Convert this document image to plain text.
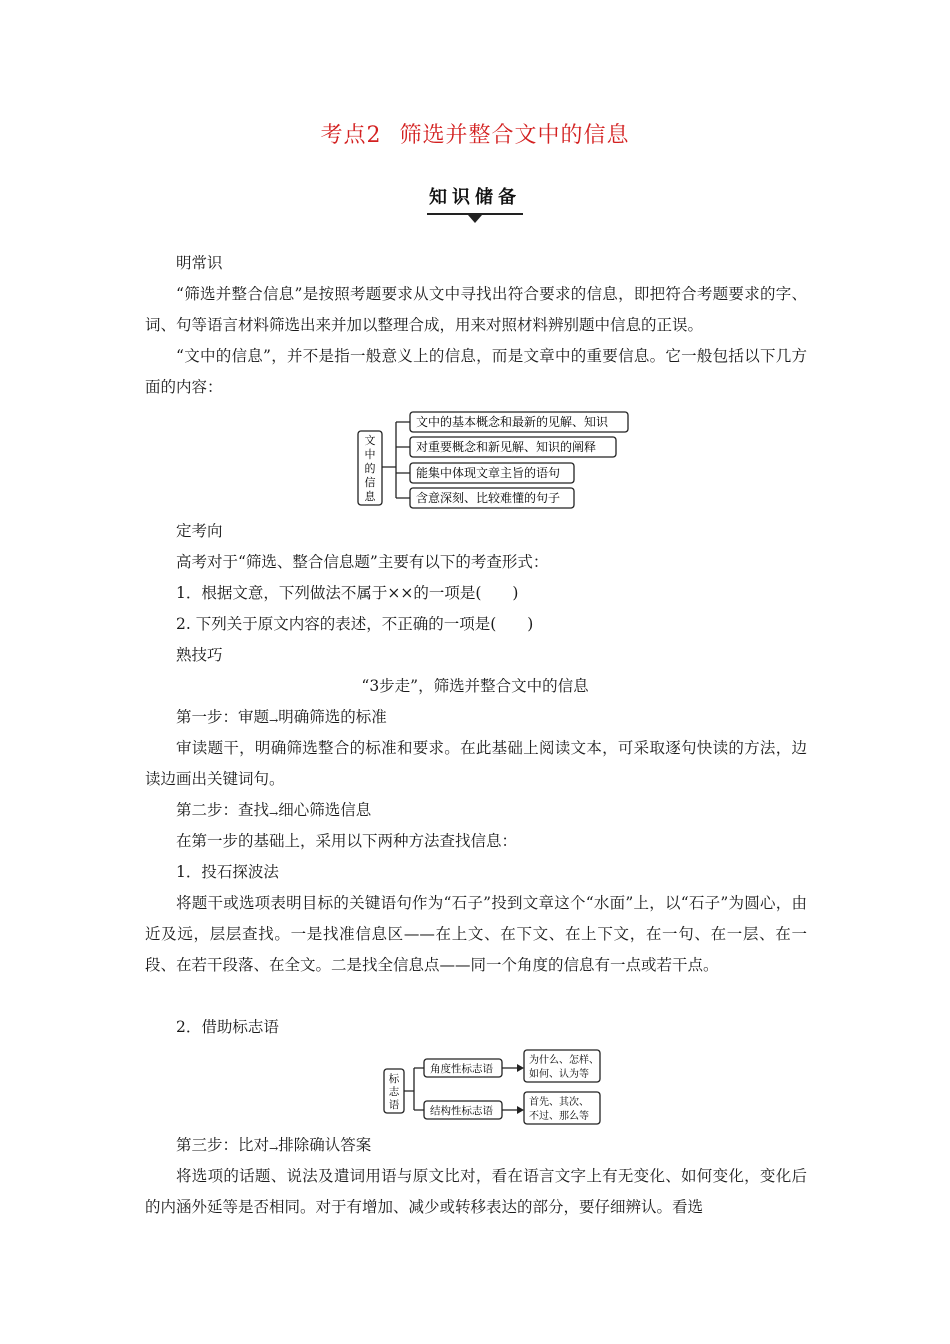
考点2 筛选并整合文中的信息
知识储备
明常识
“筛选并整合信息”是按照考题要求从文中寻找出符合要求的信息，即把符合考题要求的字、词、句等语言材料筛选出来并加以整理合成，用来对照材料辨别题中信息的正误。
“文中的信息”，并不是指一般意义上的信息，而是文章中的重要信息。它一般包括以下几方面的内容：
文
中
的
信
息
文中的基本概念和最新的见解、知识
对重要概念和新见解、知识的阐释
能集中体现文章主旨的语句
含意深刻、比较难懂的句子
定考向
高考对于“筛选、整合信息题”主要有以下的考查形式：
1．根据文意，下列做法不属于××的一项是(　　)
2. 下列关于原文内容的表述，不正确的一项是(　　)
熟技巧
“3步走”，筛选并整合文中的信息
第一步：审题→明确筛选的标准
审读题干，明确筛选整合的标准和要求。在此基础上阅读文本，可采取逐句快读的方法，边读边画出关键词句。
第二步：查找→细心筛选信息
在第一步的基础上，采用以下两种方法查找信息：
1．投石探波法
将题干或选项表明目标的关键语句作为“石子”投到文章这个“水面”上，以“石子”为圆心，由近及远，层层查找。一是找准信息区——在上文、在下文、在上下文，在一句、在一层、在一段、在若干段落、在全文。二是找全信息点——同一个角度的信息有一点或若干点。
2．借助标志语
标
志
语
角度性标志语
结构性标志语
为什么、怎样、
如何、认为等
首先、其次、
不过、那么等
第三步：比对→排除确认答案
将选项的话题、说法及遣词用语与原文比对，看在语言文字上有无变化、如何变化，变化后的内涵外延等是否相同。对于有增加、减少或转移表达的部分，要仔细辨认。看选
